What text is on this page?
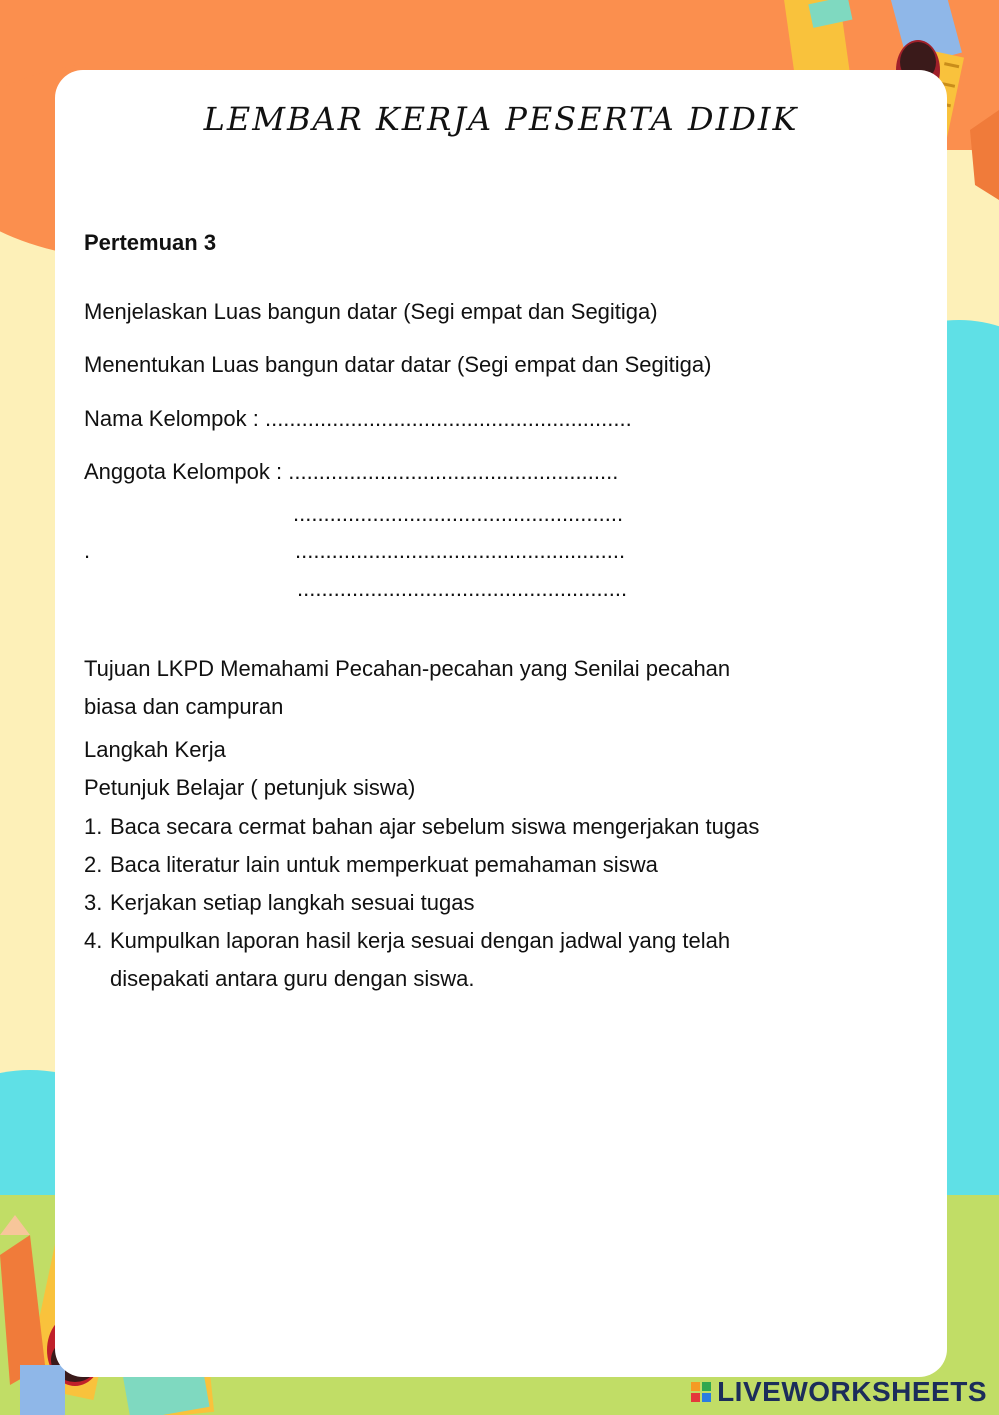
LEMBAR KERJA PESERTA DIDIK
Pertemuan 3
Menjelaskan Luas bangun datar (Segi empat dan Segitiga)
Menentukan Luas bangun datar datar (Segi empat dan Segitiga)
Nama Kelompok : ............................................................
Anggota Kelompok : ......................................................
......................................................
.	......................................................
......................................................
Tujuan LKPD Memahami Pecahan-pecahan yang Senilai pecahan biasa dan campuran
Langkah Kerja
Petunjuk Belajar ( petunjuk siswa)
1. Baca secara cermat bahan ajar sebelum siswa mengerjakan tugas
2. Baca literatur lain untuk memperkuat pemahaman siswa
3. Kerjakan setiap langkah sesuai tugas
4. Kumpulkan laporan hasil kerja sesuai dengan jadwal yang telah disepakati antara guru dengan siswa.
LIVEWORKSHEETS
